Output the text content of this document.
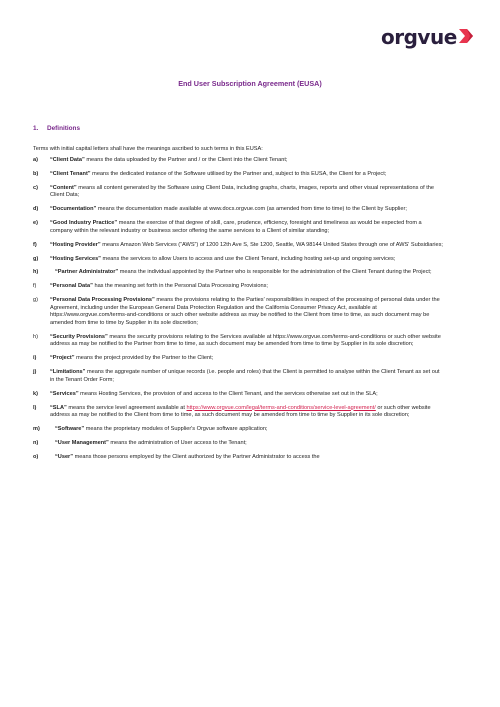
orgvue
End User Subscription Agreement (EUSA)
1. Definitions
Terms with initial capital letters shall have the meanings ascribed to such terms in this EUSA:
a)	“Client Data” means the data uploaded by the Partner and / or the Client into the Client Tenant;
b)	“Client Tenant” means the dedicated instance of the Software utilised by the Partner and, subject to this EUSA, the Client for a Project;
c)	“Content” means all content generated by the Software using Client Data, including graphs, charts, images, reports and other visual representations of the Client Data;
d)	“Documentation” means the documentation made available at www.docs.orgvue.com (as amended from time to time) to the Client by Supplier;
e)	“Good Industry Practice” means the exercise of that degree of skill, care, prudence, efficiency, foresight and timeliness as would be expected from a company within the relevant industry or business sector offering the same services to a Client of similar standing;
f)	“Hosting Provider” means Amazon Web Services (“AWS”) of 1200 12th Ave S, Ste 1200, Seattle, WA 98144 United States through one of AWS' Subsidiaries;
g)	“Hosting Services” means the services to allow Users to access and use the Client Tenant, including hosting set-up and ongoing services;
h)	“Partner Administrator” means the individual appointed by the Partner who is responsible for the administration of the Client Tenant during the Project;
f)	“Personal Data” has the meaning set forth in the Personal Data Processing Provisions;
g)	“Personal Data Processing Provisions” means the provisions relating to the Parties' responsibilities in respect of the processing of personal data under the Agreement, including under the European General Data Protection Regulation and the California Consumer Privacy Act, available at https://www.orgvue.com/terms-and-conditions or such other website address as may be notified to the Client from time to time, as such document may be amended from time to time by Supplier in its sole discretion;
h)	“Security Provisions” means the security provisions relating to the Services available at https://www.orgvue.com/terms-and-conditions or such other website address as may be notified to the Partner from time to time, as such document may be amended from time to time by Supplier in its sole discretion;
i)	“Project” means the project provided by the Partner to the Client;
j)	“Limitations” means the aggregate number of unique records (i.e. people and roles) that the Client is permitted to analyse within the Client Tenant as set out in the Tenant Order Form;
k)	“Services” means Hosting Services, the provision of and access to the Client Tenant, and the services otherwise set out in the SLA;
l)	“SLA” means the service level agreement available at https://www.orgvue.com/legal/terms-and-conditions/service-level-agreement/ or such other website address as may be notified to the Client from time to time, as such document may be amended from time to time by Supplier in its sole discretion;
m)	“Software” means the proprietary modules of Supplier's Orgvue software application;
n)	“User Management” means the administration of User access to the Tenant;
o)	“User” means those persons employed by the Client authorized by the Partner Administrator to access the
